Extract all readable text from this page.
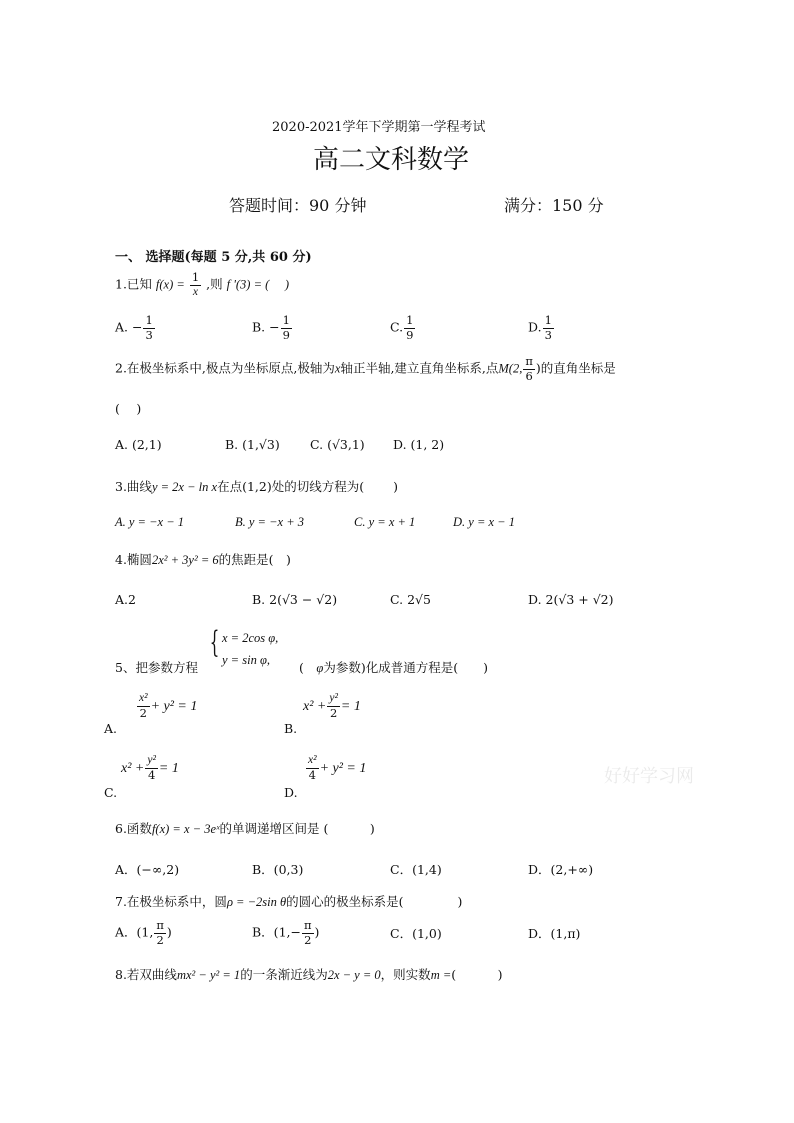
2020-2021学年下学期第一学程考试
高二文科数学
答题时间：90 分钟	满分：150 分
一、 选择题(每题 5 分,共 60 分)
1.已知 $f(x) = \frac{1}{x}$ ,则 f '(3) = (　 )
A. − $\frac{1}{3}$	B. − $\frac{1}{9}$	C. $\frac{1}{9}$	D. $\frac{1}{3}$
2.在极坐标系中,极点为坐标原点,极轴为x轴正半轴,建立直角坐标系,点M(2, $\frac{\pi}{6}$ )的直角坐标是
(　 )
A. (2,1)	B. (1,√3) C. (√3,1) D. (1, 2)
3.曲线y = 2x − ln x在点(1,2)处的切线方程为(　　 )
A. y = −x − 1	B. y = −x + 3	C. y = x + 1	D. y = x − 1
4.椭圆2x² + 3y² = 6的焦距是(　)
A.2	B. 2(√3 − √2)	C. 2√5	D. 2(√3 + √2)
5、把参数方程
{ x = 2cos φ,
y = sin φ, (　 φ为参数)化成普通方程是(　　)
A.
$\frac{\text{x²}}{2} + y^2 = 1$
B.
$x^2 + \frac{\text{y²}}{2} = 1$
C.
$x^2 + \frac{\text{y²}}{4} = 1$
D.
$\frac{\text{x²}}{4} + y^2 = 1$	好好学习网
6.函数f(x) = x − 3eˣ的单调递增区间是 (　　　 )
A．(−∞,2)	B．(0,3)	C．(1,4)	D．(2,+∞)
7.在极坐标系中，圆ρ = −2sin θ的圆心的极坐标系是(　　　　 )
A．(1, $\frac{\pi}{2}$ )	B．($1,- \frac{\pi}{2}$ )	C．(1,0)	D．(1,π)
8.若双曲线mx² − y² = 1的一条渐近线为2x − y = 0，则实数m =(　　　 )
